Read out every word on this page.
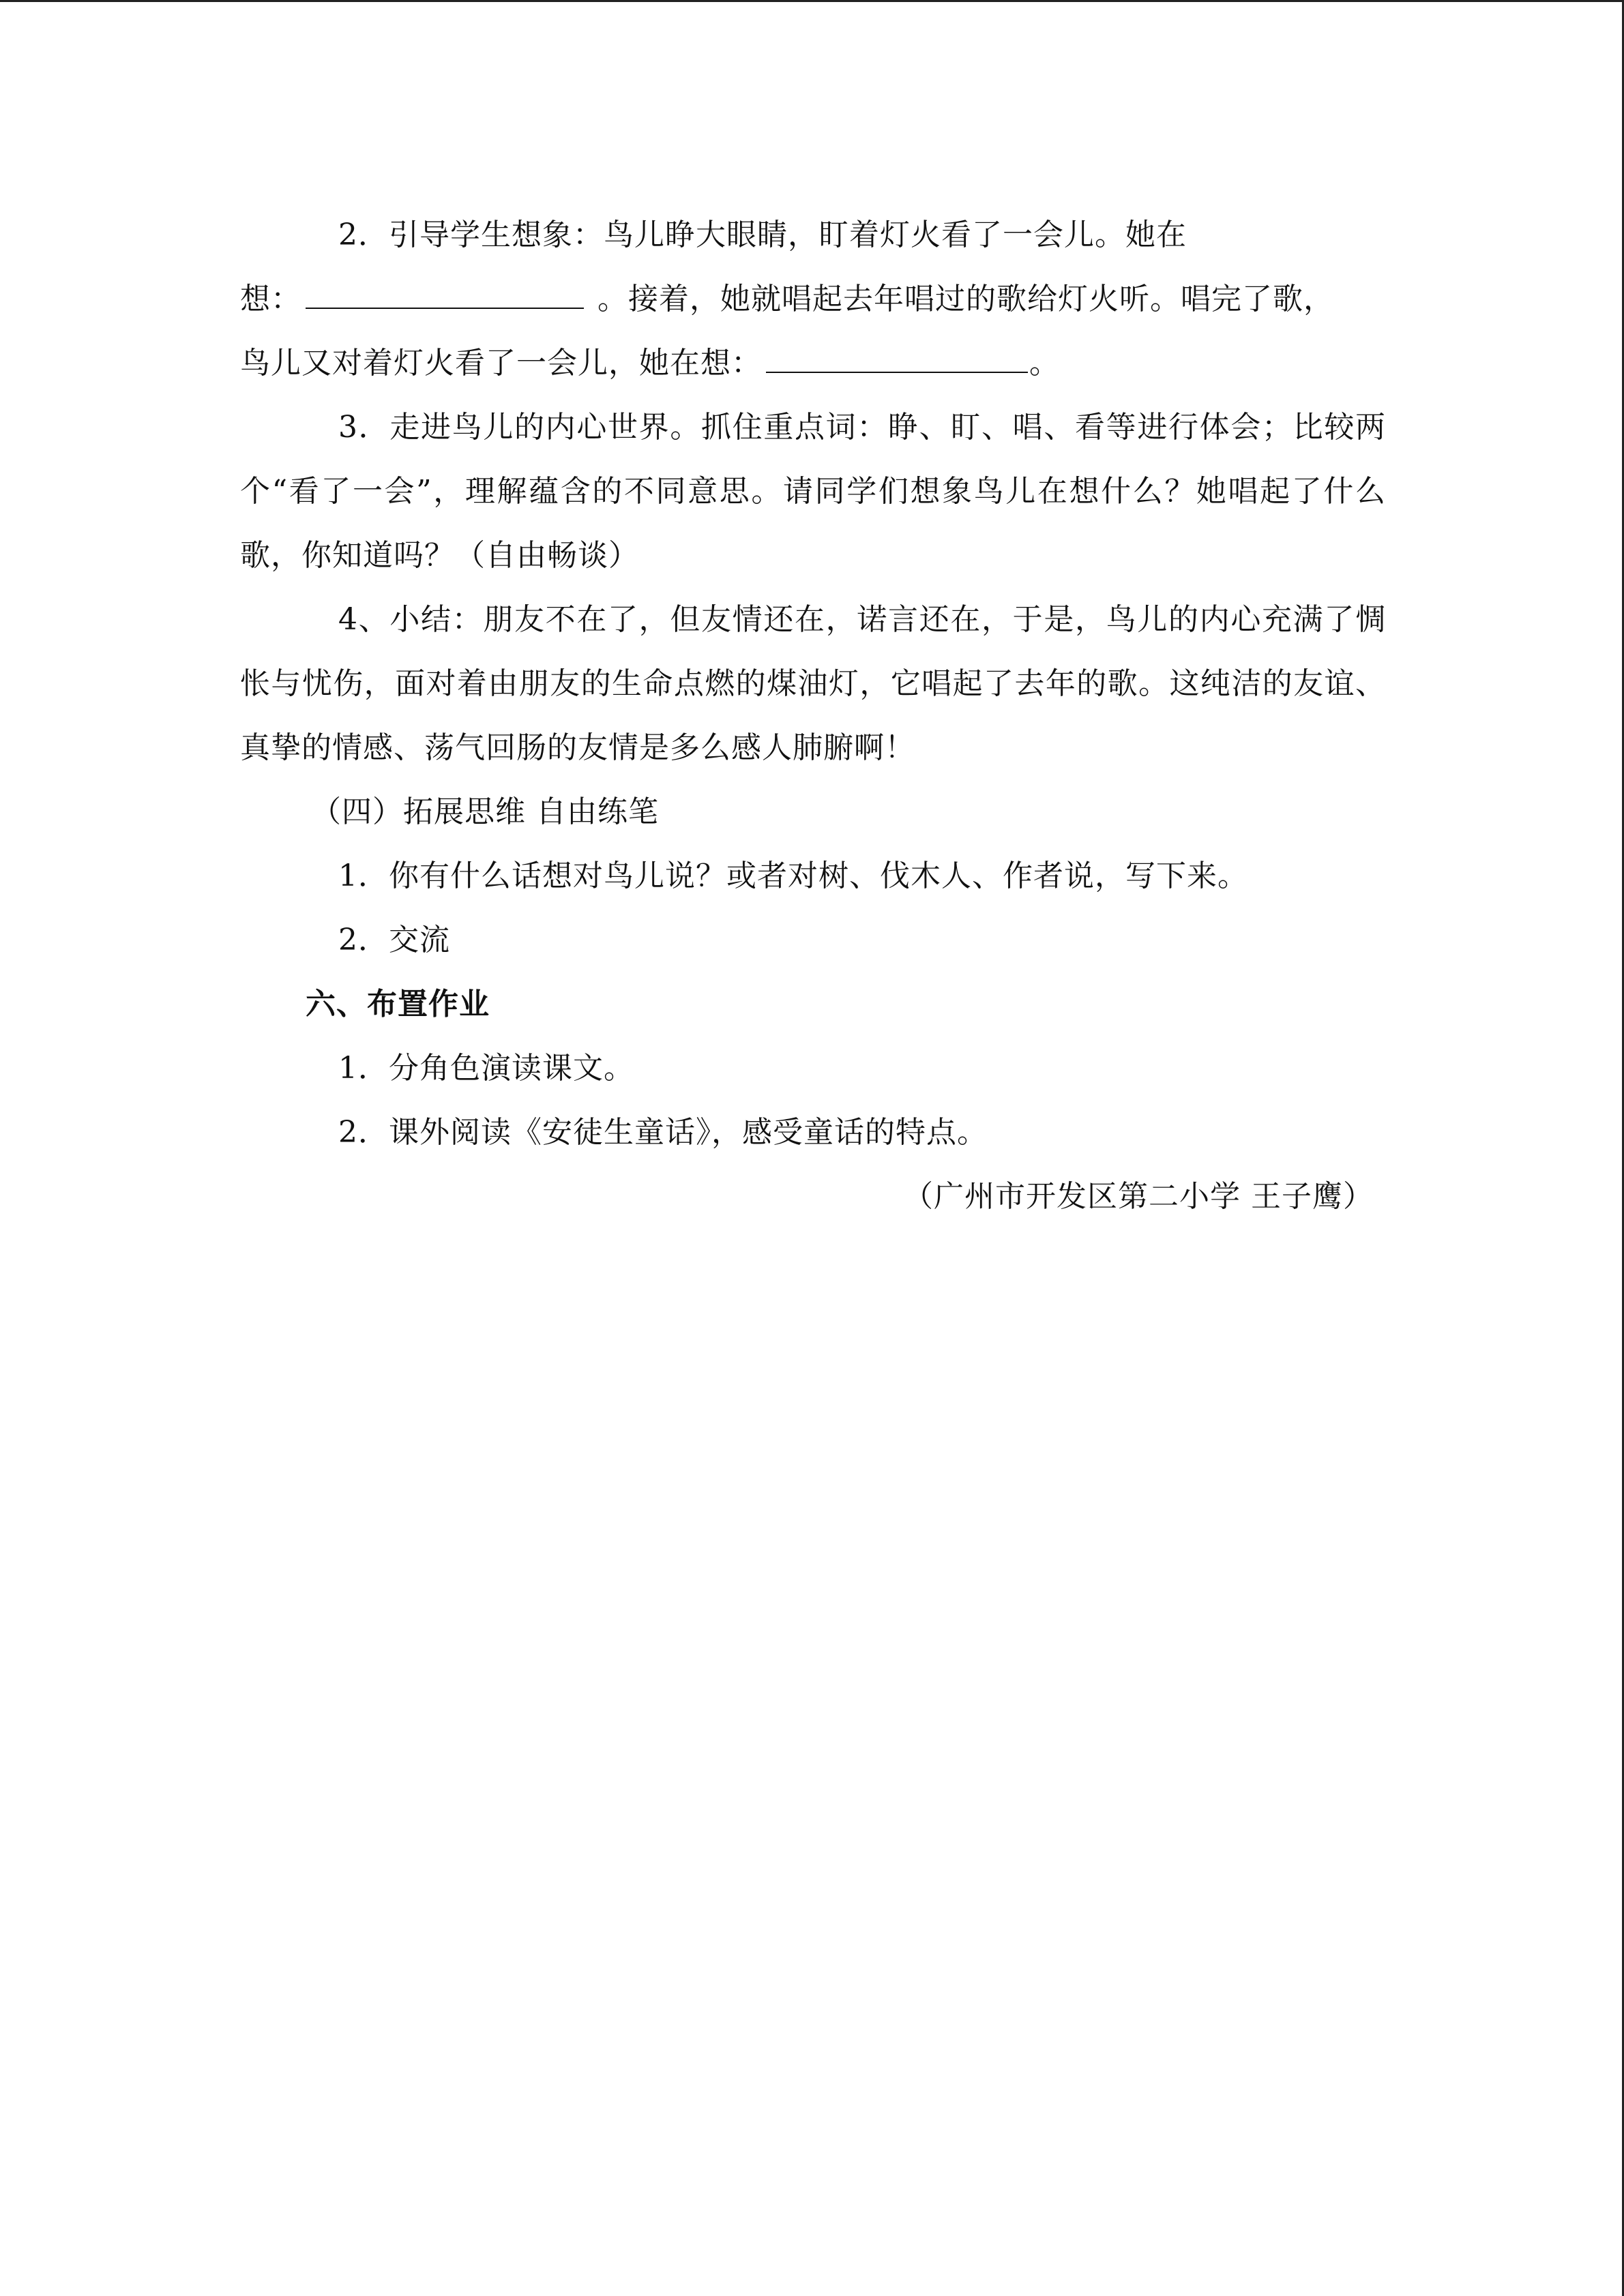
2．引导学生想象：鸟儿睁大眼睛，盯着灯火看了一会儿。她在

想：	。接着，她就唱起去年唱过的歌给灯火听。唱完了歌，

鸟儿又对着灯火看了一会儿，她在想：	。

3．走进鸟儿的内心世界。抓住重点词：睁、盯、唱、看等进行体会；比较两个“看了一会”，理解蕴含的不同意思。请同学们想象鸟儿在想什么？她唱起了什么歌，你知道吗？（自由畅谈）

4、小结：朋友不在了，但友情还在，诺言还在，于是，鸟儿的内心充满了惆怅与忧伤，面对着由朋友的生命点燃的煤油灯，它唱起了去年的歌。这纯洁的友谊、真挚的情感、荡气回肠的友情是多么感人肺腑啊！

（四）拓展思维 自由练笔

1．你有什么话想对鸟儿说？或者对树、伐木人、作者说，写下来。

2．交流

六、布置作业

1．分角色演读课文。

2．课外阅读《安徒生童话》，感受童话的特点。

（广州市开发区第二小学 王子鹰）
